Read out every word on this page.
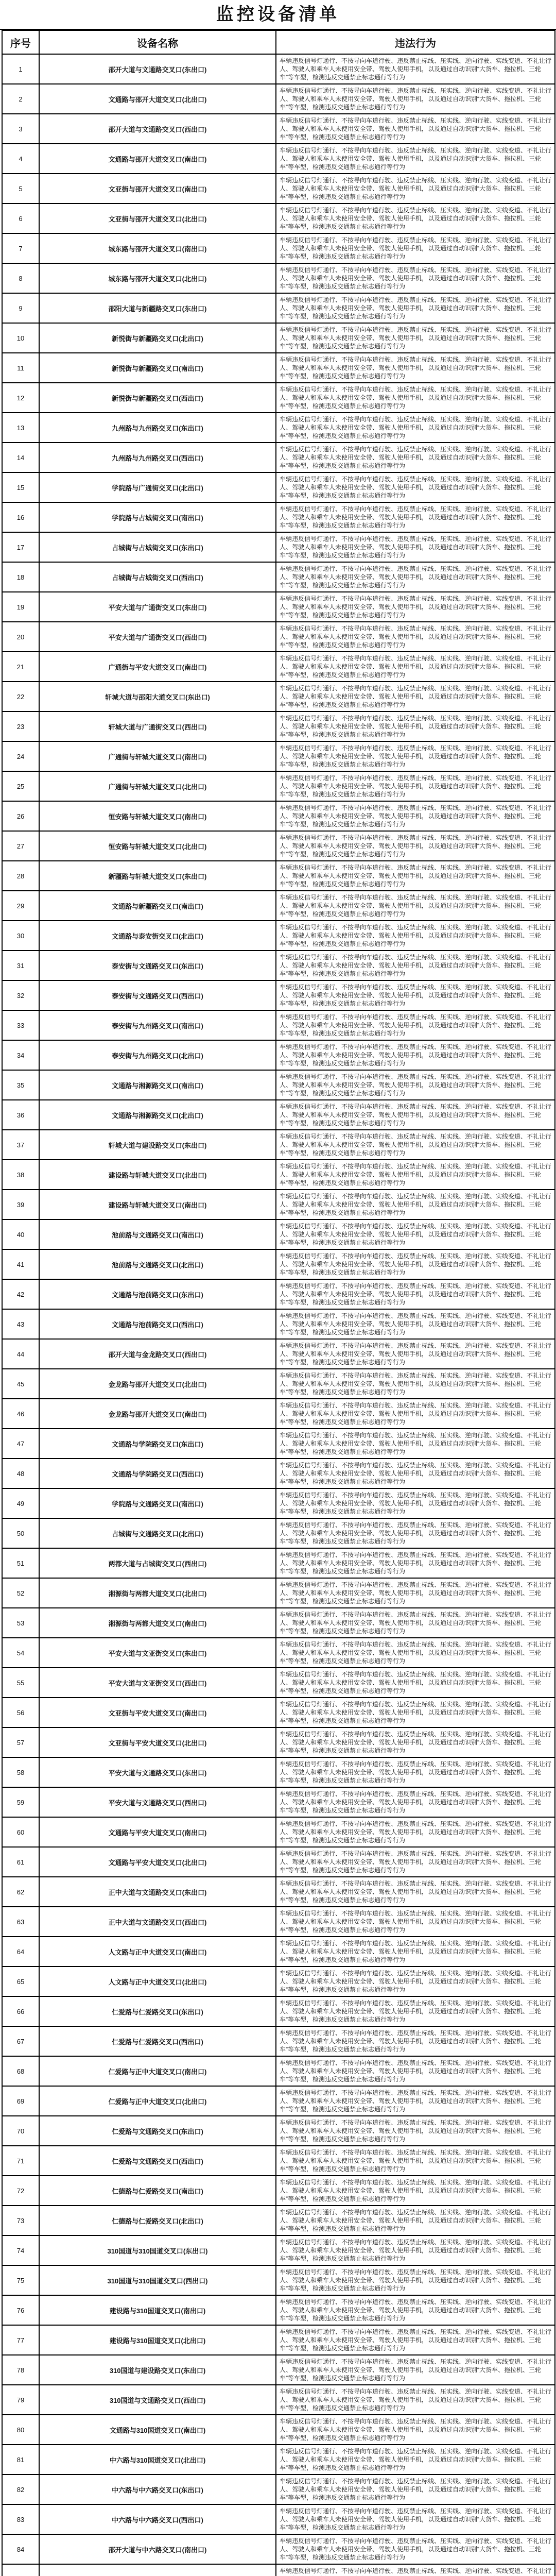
监控设备清单
序号	设备名称	违法行为
1	邵开大道与文通路交叉口(东出口)	车辆违反信号灯通行、不按导向车道行驶、违反禁止标线、压实线、逆向行驶、实线变道、不礼让行人、驾驶人和乘车人未使用安全带、驾驶人使用手机，以及通过自动识别“大货车、拖拉机、三轮车”等车型，检测违反交通禁止标志通行等行为
2	文通路与邵开大道交叉口(北出口)	车辆违反信号灯通行、不按导向车道行驶、违反禁止标线、压实线、逆向行驶、实线变道、不礼让行人、驾驶人和乘车人未使用安全带、驾驶人使用手机，以及通过自动识别“大货车、拖拉机、三轮车”等车型，检测违反交通禁止标志通行等行为
3	邵开大道与文通路交叉口(西出口)	车辆违反信号灯通行、不按导向车道行驶、违反禁止标线、压实线、逆向行驶、实线变道、不礼让行人、驾驶人和乘车人未使用安全带、驾驶人使用手机，以及通过自动识别“大货车、拖拉机、三轮车”等车型，检测违反交通禁止标志通行等行为
4	文通路与邵开大道交叉口(南出口)	车辆违反信号灯通行、不按导向车道行驶、违反禁止标线、压实线、逆向行驶、实线变道、不礼让行人、驾驶人和乘车人未使用安全带、驾驶人使用手机，以及通过自动识别“大货车、拖拉机、三轮车”等车型，检测违反交通禁止标志通行等行为
5	文亚街与邵开大道交叉口(南出口)	车辆违反信号灯通行、不按导向车道行驶、违反禁止标线、压实线、逆向行驶、实线变道、不礼让行人、驾驶人和乘车人未使用安全带、驾驶人使用手机，以及通过自动识别“大货车、拖拉机、三轮车”等车型，检测违反交通禁止标志通行等行为
6	文亚街与邵开大道交叉口(北出口)	车辆违反信号灯通行、不按导向车道行驶、违反禁止标线、压实线、逆向行驶、实线变道、不礼让行人、驾驶人和乘车人未使用安全带、驾驶人使用手机，以及通过自动识别“大货车、拖拉机、三轮车”等车型，检测违反交通禁止标志通行等行为
7	城东路与邵开大道交叉口(南出口)	车辆违反信号灯通行、不按导向车道行驶、违反禁止标线、压实线、逆向行驶、实线变道、不礼让行人、驾驶人和乘车人未使用安全带、驾驶人使用手机，以及通过自动识别“大货车、拖拉机、三轮车”等车型，检测违反交通禁止标志通行等行为
8	城东路与邵开大道交叉口(北出口)	车辆违反信号灯通行、不按导向车道行驶、违反禁止标线、压实线、逆向行驶、实线变道、不礼让行人、驾驶人和乘车人未使用安全带、驾驶人使用手机，以及通过自动识别“大货车、拖拉机、三轮车”等车型，检测违反交通禁止标志通行等行为
9	邵阳大道与新疆路交叉口(东出口)	车辆违反信号灯通行、不按导向车道行驶、违反禁止标线、压实线、逆向行驶、实线变道、不礼让行人、驾驶人和乘车人未使用安全带、驾驶人使用手机，以及通过自动识别“大货车、拖拉机、三轮车”等车型，检测违反交通禁止标志通行等行为
10	新悦街与新疆路交叉口(北出口)	车辆违反信号灯通行、不按导向车道行驶、违反禁止标线、压实线、逆向行驶、实线变道、不礼让行人、驾驶人和乘车人未使用安全带、驾驶人使用手机，以及通过自动识别“大货车、拖拉机、三轮车”等车型，检测违反交通禁止标志通行等行为
11	新悦街与新疆路交叉口(南出口)	车辆违反信号灯通行、不按导向车道行驶、违反禁止标线、压实线、逆向行驶、实线变道、不礼让行人、驾驶人和乘车人未使用安全带、驾驶人使用手机，以及通过自动识别“大货车、拖拉机、三轮车”等车型，检测违反交通禁止标志通行等行为
12	新悦街与新疆路交叉口(西出口)	车辆违反信号灯通行、不按导向车道行驶、违反禁止标线、压实线、逆向行驶、实线变道、不礼让行人、驾驶人和乘车人未使用安全带、驾驶人使用手机，以及通过自动识别“大货车、拖拉机、三轮车”等车型，检测违反交通禁止标志通行等行为
13	九州路与九州路交叉口(东出口)	车辆违反信号灯通行、不按导向车道行驶、违反禁止标线、压实线、逆向行驶、实线变道、不礼让行人、驾驶人和乘车人未使用安全带、驾驶人使用手机，以及通过自动识别“大货车、拖拉机、三轮车”等车型，检测违反交通禁止标志通行等行为
14	九州路与九州路交叉口(西出口)	车辆违反信号灯通行、不按导向车道行驶、违反禁止标线、压实线、逆向行驶、实线变道、不礼让行人、驾驶人和乘车人未使用安全带、驾驶人使用手机，以及通过自动识别“大货车、拖拉机、三轮车”等车型，检测违反交通禁止标志通行等行为
15	学院路与广通街交叉口(北出口)	车辆违反信号灯通行、不按导向车道行驶、违反禁止标线、压实线、逆向行驶、实线变道、不礼让行人、驾驶人和乘车人未使用安全带、驾驶人使用手机，以及通过自动识别“大货车、拖拉机、三轮车”等车型，检测违反交通禁止标志通行等行为
16	学院路与占城街交叉口(南出口)	车辆违反信号灯通行、不按导向车道行驶、违反禁止标线、压实线、逆向行驶、实线变道、不礼让行人、驾驶人和乘车人未使用安全带、驾驶人使用手机，以及通过自动识别“大货车、拖拉机、三轮车”等车型，检测违反交通禁止标志通行等行为
17	占城街与占城街交叉口(东出口)	车辆违反信号灯通行、不按导向车道行驶、违反禁止标线、压实线、逆向行驶、实线变道、不礼让行人、驾驶人和乘车人未使用安全带、驾驶人使用手机，以及通过自动识别“大货车、拖拉机、三轮车”等车型，检测违反交通禁止标志通行等行为
18	占城街与占城街交叉口(西出口)	车辆违反信号灯通行、不按导向车道行驶、违反禁止标线、压实线、逆向行驶、实线变道、不礼让行人、驾驶人和乘车人未使用安全带、驾驶人使用手机，以及通过自动识别“大货车、拖拉机、三轮车”等车型，检测违反交通禁止标志通行等行为
19	平安大道与广通街交叉口(东出口)	车辆违反信号灯通行、不按导向车道行驶、违反禁止标线、压实线、逆向行驶、实线变道、不礼让行人、驾驶人和乘车人未使用安全带、驾驶人使用手机，以及通过自动识别“大货车、拖拉机、三轮车”等车型，检测违反交通禁止标志通行等行为
20	平安大道与广通街交叉口(西出口)	车辆违反信号灯通行、不按导向车道行驶、违反禁止标线、压实线、逆向行驶、实线变道、不礼让行人、驾驶人和乘车人未使用安全带、驾驶人使用手机，以及通过自动识别“大货车、拖拉机、三轮车”等车型，检测违反交通禁止标志通行等行为
21	广通街与平安大道交叉口(南出口)	车辆违反信号灯通行、不按导向车道行驶、违反禁止标线、压实线、逆向行驶、实线变道、不礼让行人、驾驶人和乘车人未使用安全带、驾驶人使用手机，以及通过自动识别“大货车、拖拉机、三轮车”等车型，检测违反交通禁止标志通行等行为
22	轩城大道与邵阳大道交叉口(东出口)	车辆违反信号灯通行、不按导向车道行驶、违反禁止标线、压实线、逆向行驶、实线变道、不礼让行人、驾驶人和乘车人未使用安全带、驾驶人使用手机，以及通过自动识别“大货车、拖拉机、三轮车”等车型，检测违反交通禁止标志通行等行为
23	轩城大道与广通街交叉口(西出口)	车辆违反信号灯通行、不按导向车道行驶、违反禁止标线、压实线、逆向行驶、实线变道、不礼让行人、驾驶人和乘车人未使用安全带、驾驶人使用手机，以及通过自动识别“大货车、拖拉机、三轮车”等车型，检测违反交通禁止标志通行等行为
24	广通街与轩城大道交叉口(南出口)	车辆违反信号灯通行、不按导向车道行驶、违反禁止标线、压实线、逆向行驶、实线变道、不礼让行人、驾驶人和乘车人未使用安全带、驾驶人使用手机，以及通过自动识别“大货车、拖拉机、三轮车”等车型，检测违反交通禁止标志通行等行为
25	广通街与轩城大道交叉口(北出口)	车辆违反信号灯通行、不按导向车道行驶、违反禁止标线、压实线、逆向行驶、实线变道、不礼让行人、驾驶人和乘车人未使用安全带、驾驶人使用手机，以及通过自动识别“大货车、拖拉机、三轮车”等车型，检测违反交通禁止标志通行等行为
26	恒安路与轩城大道交叉口(南出口)	车辆违反信号灯通行、不按导向车道行驶、违反禁止标线、压实线、逆向行驶、实线变道、不礼让行人、驾驶人和乘车人未使用安全带、驾驶人使用手机，以及通过自动识别“大货车、拖拉机、三轮车”等车型，检测违反交通禁止标志通行等行为
27	恒安路与轩城大道交叉口(北出口)	车辆违反信号灯通行、不按导向车道行驶、违反禁止标线、压实线、逆向行驶、实线变道、不礼让行人、驾驶人和乘车人未使用安全带、驾驶人使用手机，以及通过自动识别“大货车、拖拉机、三轮车”等车型，检测违反交通禁止标志通行等行为
28	新疆路与轩城大道交叉口(东出口)	车辆违反信号灯通行、不按导向车道行驶、违反禁止标线、压实线、逆向行驶、实线变道、不礼让行人、驾驶人和乘车人未使用安全带、驾驶人使用手机，以及通过自动识别“大货车、拖拉机、三轮车”等车型，检测违反交通禁止标志通行等行为
29	文通路与新疆路交叉口(南出口)	车辆违反信号灯通行、不按导向车道行驶、违反禁止标线、压实线、逆向行驶、实线变道、不礼让行人、驾驶人和乘车人未使用安全带、驾驶人使用手机，以及通过自动识别“大货车、拖拉机、三轮车”等车型，检测违反交通禁止标志通行等行为
30	文通路与泰安街交叉口(北出口)	车辆违反信号灯通行、不按导向车道行驶、违反禁止标线、压实线、逆向行驶、实线变道、不礼让行人、驾驶人和乘车人未使用安全带、驾驶人使用手机，以及通过自动识别“大货车、拖拉机、三轮车”等车型，检测违反交通禁止标志通行等行为
31	泰安街与文通路交叉口(东出口)	车辆违反信号灯通行、不按导向车道行驶、违反禁止标线、压实线、逆向行驶、实线变道、不礼让行人、驾驶人和乘车人未使用安全带、驾驶人使用手机，以及通过自动识别“大货车、拖拉机、三轮车”等车型，检测违反交通禁止标志通行等行为
32	泰安街与文通路交叉口(西出口)	车辆违反信号灯通行、不按导向车道行驶、违反禁止标线、压实线、逆向行驶、实线变道、不礼让行人、驾驶人和乘车人未使用安全带、驾驶人使用手机，以及通过自动识别“大货车、拖拉机、三轮车”等车型，检测违反交通禁止标志通行等行为
33	泰安街与九州路交叉口(南出口)	车辆违反信号灯通行、不按导向车道行驶、违反禁止标线、压实线、逆向行驶、实线变道、不礼让行人、驾驶人和乘车人未使用安全带、驾驶人使用手机，以及通过自动识别“大货车、拖拉机、三轮车”等车型，检测违反交通禁止标志通行等行为
34	泰安街与九州路交叉口(北出口)	车辆违反信号灯通行、不按导向车道行驶、违反禁止标线、压实线、逆向行驶、实线变道、不礼让行人、驾驶人和乘车人未使用安全带、驾驶人使用手机，以及通过自动识别“大货车、拖拉机、三轮车”等车型，检测违反交通禁止标志通行等行为
35	文通路与湘源路交叉口(南出口)	车辆违反信号灯通行、不按导向车道行驶、违反禁止标线、压实线、逆向行驶、实线变道、不礼让行人、驾驶人和乘车人未使用安全带、驾驶人使用手机，以及通过自动识别“大货车、拖拉机、三轮车”等车型，检测违反交通禁止标志通行等行为
36	文通路与湘源路交叉口(北出口)	车辆违反信号灯通行、不按导向车道行驶、违反禁止标线、压实线、逆向行驶、实线变道、不礼让行人、驾驶人和乘车人未使用安全带、驾驶人使用手机，以及通过自动识别“大货车、拖拉机、三轮车”等车型，检测违反交通禁止标志通行等行为
37	轩城大道与建设路交叉口(东出口)	车辆违反信号灯通行、不按导向车道行驶、违反禁止标线、压实线、逆向行驶、实线变道、不礼让行人、驾驶人和乘车人未使用安全带、驾驶人使用手机，以及通过自动识别“大货车、拖拉机、三轮车”等车型，检测违反交通禁止标志通行等行为
38	建设路与轩城大道交叉口(北出口)	车辆违反信号灯通行、不按导向车道行驶、违反禁止标线、压实线、逆向行驶、实线变道、不礼让行人、驾驶人和乘车人未使用安全带、驾驶人使用手机，以及通过自动识别“大货车、拖拉机、三轮车”等车型，检测违反交通禁止标志通行等行为
39	建设路与轩城大道交叉口(南出口)	车辆违反信号灯通行、不按导向车道行驶、违反禁止标线、压实线、逆向行驶、实线变道、不礼让行人、驾驶人和乘车人未使用安全带、驾驶人使用手机，以及通过自动识别“大货车、拖拉机、三轮车”等车型，检测违反交通禁止标志通行等行为
40	池前路与文通路交叉口(南出口)	车辆违反信号灯通行、不按导向车道行驶、违反禁止标线、压实线、逆向行驶、实线变道、不礼让行人、驾驶人和乘车人未使用安全带、驾驶人使用手机，以及通过自动识别“大货车、拖拉机、三轮车”等车型，检测违反交通禁止标志通行等行为
41	池前路与文通路交叉口(北出口)	车辆违反信号灯通行、不按导向车道行驶、违反禁止标线、压实线、逆向行驶、实线变道、不礼让行人、驾驶人和乘车人未使用安全带、驾驶人使用手机，以及通过自动识别“大货车、拖拉机、三轮车”等车型，检测违反交通禁止标志通行等行为
42	文通路与池前路交叉口(东出口)	车辆违反信号灯通行、不按导向车道行驶、违反禁止标线、压实线、逆向行驶、实线变道、不礼让行人、驾驶人和乘车人未使用安全带、驾驶人使用手机，以及通过自动识别“大货车、拖拉机、三轮车”等车型，检测违反交通禁止标志通行等行为
43	文通路与池前路交叉口(西出口)	车辆违反信号灯通行、不按导向车道行驶、违反禁止标线、压实线、逆向行驶、实线变道、不礼让行人、驾驶人和乘车人未使用安全带、驾驶人使用手机，以及通过自动识别“大货车、拖拉机、三轮车”等车型，检测违反交通禁止标志通行等行为
44	邵开大道与金龙路交叉口(西出口)	车辆违反信号灯通行、不按导向车道行驶、违反禁止标线、压实线、逆向行驶、实线变道、不礼让行人、驾驶人和乘车人未使用安全带、驾驶人使用手机，以及通过自动识别“大货车、拖拉机、三轮车”等车型，检测违反交通禁止标志通行等行为
45	金龙路与邵开大道交叉口(北出口)	车辆违反信号灯通行、不按导向车道行驶、违反禁止标线、压实线、逆向行驶、实线变道、不礼让行人、驾驶人和乘车人未使用安全带、驾驶人使用手机，以及通过自动识别“大货车、拖拉机、三轮车”等车型，检测违反交通禁止标志通行等行为
46	金龙路与邵开大道交叉口(南出口)	车辆违反信号灯通行、不按导向车道行驶、违反禁止标线、压实线、逆向行驶、实线变道、不礼让行人、驾驶人和乘车人未使用安全带、驾驶人使用手机，以及通过自动识别“大货车、拖拉机、三轮车”等车型，检测违反交通禁止标志通行等行为
47	文通路与学院路交叉口(东出口)	车辆违反信号灯通行、不按导向车道行驶、违反禁止标线、压实线、逆向行驶、实线变道、不礼让行人、驾驶人和乘车人未使用安全带、驾驶人使用手机，以及通过自动识别“大货车、拖拉机、三轮车”等车型，检测违反交通禁止标志通行等行为
48	文通路与学院路交叉口(西出口)	车辆违反信号灯通行、不按导向车道行驶、违反禁止标线、压实线、逆向行驶、实线变道、不礼让行人、驾驶人和乘车人未使用安全带、驾驶人使用手机，以及通过自动识别“大货车、拖拉机、三轮车”等车型，检测违反交通禁止标志通行等行为
49	学院路与文通路交叉口(南出口)	车辆违反信号灯通行、不按导向车道行驶、违反禁止标线、压实线、逆向行驶、实线变道、不礼让行人、驾驶人和乘车人未使用安全带、驾驶人使用手机，以及通过自动识别“大货车、拖拉机、三轮车”等车型，检测违反交通禁止标志通行等行为
50	占城街与文通路交叉口(北出口)	车辆违反信号灯通行、不按导向车道行驶、违反禁止标线、压实线、逆向行驶、实线变道、不礼让行人、驾驶人和乘车人未使用安全带、驾驶人使用手机，以及通过自动识别“大货车、拖拉机、三轮车”等车型，检测违反交通禁止标志通行等行为
51	两都大道与占城街交叉口(西出口)	车辆违反信号灯通行、不按导向车道行驶、违反禁止标线、压实线、逆向行驶、实线变道、不礼让行人、驾驶人和乘车人未使用安全带、驾驶人使用手机，以及通过自动识别“大货车、拖拉机、三轮车”等车型，检测违反交通禁止标志通行等行为
52	湘源街与两都大道交叉口(北出口)	车辆违反信号灯通行、不按导向车道行驶、违反禁止标线、压实线、逆向行驶、实线变道、不礼让行人、驾驶人和乘车人未使用安全带、驾驶人使用手机，以及通过自动识别“大货车、拖拉机、三轮车”等车型，检测违反交通禁止标志通行等行为
53	湘源街与两都大道交叉口(南出口)	车辆违反信号灯通行、不按导向车道行驶、违反禁止标线、压实线、逆向行驶、实线变道、不礼让行人、驾驶人和乘车人未使用安全带、驾驶人使用手机，以及通过自动识别“大货车、拖拉机、三轮车”等车型，检测违反交通禁止标志通行等行为
54	平安大道与文亚街交叉口(东出口)	车辆违反信号灯通行、不按导向车道行驶、违反禁止标线、压实线、逆向行驶、实线变道、不礼让行人、驾驶人和乘车人未使用安全带、驾驶人使用手机，以及通过自动识别“大货车、拖拉机、三轮车”等车型，检测违反交通禁止标志通行等行为
55	平安大道与文亚街交叉口(西出口)	车辆违反信号灯通行、不按导向车道行驶、违反禁止标线、压实线、逆向行驶、实线变道、不礼让行人、驾驶人和乘车人未使用安全带、驾驶人使用手机，以及通过自动识别“大货车、拖拉机、三轮车”等车型，检测违反交通禁止标志通行等行为
56	文亚街与平安大道交叉口(南出口)	车辆违反信号灯通行、不按导向车道行驶、违反禁止标线、压实线、逆向行驶、实线变道、不礼让行人、驾驶人和乘车人未使用安全带、驾驶人使用手机，以及通过自动识别“大货车、拖拉机、三轮车”等车型，检测违反交通禁止标志通行等行为
57	文亚街与平安大道交叉口(北出口)	车辆违反信号灯通行、不按导向车道行驶、违反禁止标线、压实线、逆向行驶、实线变道、不礼让行人、驾驶人和乘车人未使用安全带、驾驶人使用手机，以及通过自动识别“大货车、拖拉机、三轮车”等车型，检测违反交通禁止标志通行等行为
58	平安大道与文通路交叉口(东出口)	车辆违反信号灯通行、不按导向车道行驶、违反禁止标线、压实线、逆向行驶、实线变道、不礼让行人、驾驶人和乘车人未使用安全带、驾驶人使用手机，以及通过自动识别“大货车、拖拉机、三轮车”等车型，检测违反交通禁止标志通行等行为
59	平安大道与文通路交叉口(西出口)	车辆违反信号灯通行、不按导向车道行驶、违反禁止标线、压实线、逆向行驶、实线变道、不礼让行人、驾驶人和乘车人未使用安全带、驾驶人使用手机，以及通过自动识别“大货车、拖拉机、三轮车”等车型，检测违反交通禁止标志通行等行为
60	文通路与平安大道交叉口(南出口)	车辆违反信号灯通行、不按导向车道行驶、违反禁止标线、压实线、逆向行驶、实线变道、不礼让行人、驾驶人和乘车人未使用安全带、驾驶人使用手机，以及通过自动识别“大货车、拖拉机、三轮车”等车型，检测违反交通禁止标志通行等行为
61	文通路与平安大道交叉口(北出口)	车辆违反信号灯通行、不按导向车道行驶、违反禁止标线、压实线、逆向行驶、实线变道、不礼让行人、驾驶人和乘车人未使用安全带、驾驶人使用手机，以及通过自动识别“大货车、拖拉机、三轮车”等车型，检测违反交通禁止标志通行等行为
62	正中大道与文通路交叉口(东出口)	车辆违反信号灯通行、不按导向车道行驶、违反禁止标线、压实线、逆向行驶、实线变道、不礼让行人、驾驶人和乘车人未使用安全带、驾驶人使用手机，以及通过自动识别“大货车、拖拉机、三轮车”等车型，检测违反交通禁止标志通行等行为
63	正中大道与文通路交叉口(西出口)	车辆违反信号灯通行、不按导向车道行驶、违反禁止标线、压实线、逆向行驶、实线变道、不礼让行人、驾驶人和乘车人未使用安全带、驾驶人使用手机，以及通过自动识别“大货车、拖拉机、三轮车”等车型，检测违反交通禁止标志通行等行为
64	人文路与正中大道交叉口(南出口)	车辆违反信号灯通行、不按导向车道行驶、违反禁止标线、压实线、逆向行驶、实线变道、不礼让行人、驾驶人和乘车人未使用安全带、驾驶人使用手机，以及通过自动识别“大货车、拖拉机、三轮车”等车型，检测违反交通禁止标志通行等行为
65	人文路与正中大道交叉口(北出口)	车辆违反信号灯通行、不按导向车道行驶、违反禁止标线、压实线、逆向行驶、实线变道、不礼让行人、驾驶人和乘车人未使用安全带、驾驶人使用手机，以及通过自动识别“大货车、拖拉机、三轮车”等车型，检测违反交通禁止标志通行等行为
66	仁爱路与仁爱路交叉口(东出口)	车辆违反信号灯通行、不按导向车道行驶、违反禁止标线、压实线、逆向行驶、实线变道、不礼让行人、驾驶人和乘车人未使用安全带、驾驶人使用手机，以及通过自动识别“大货车、拖拉机、三轮车”等车型，检测违反交通禁止标志通行等行为
67	仁爱路与仁爱路交叉口(西出口)	车辆违反信号灯通行、不按导向车道行驶、违反禁止标线、压实线、逆向行驶、实线变道、不礼让行人、驾驶人和乘车人未使用安全带、驾驶人使用手机，以及通过自动识别“大货车、拖拉机、三轮车”等车型，检测违反交通禁止标志通行等行为
68	仁爱路与正中大道交叉口(南出口)	车辆违反信号灯通行、不按导向车道行驶、违反禁止标线、压实线、逆向行驶、实线变道、不礼让行人、驾驶人和乘车人未使用安全带、驾驶人使用手机，以及通过自动识别“大货车、拖拉机、三轮车”等车型，检测违反交通禁止标志通行等行为
69	仁爱路与正中大道交叉口(北出口)	车辆违反信号灯通行、不按导向车道行驶、违反禁止标线、压实线、逆向行驶、实线变道、不礼让行人、驾驶人和乘车人未使用安全带、驾驶人使用手机，以及通过自动识别“大货车、拖拉机、三轮车”等车型，检测违反交通禁止标志通行等行为
70	仁爱路与文通路交叉口(东出口)	车辆违反信号灯通行、不按导向车道行驶、违反禁止标线、压实线、逆向行驶、实线变道、不礼让行人、驾驶人和乘车人未使用安全带、驾驶人使用手机，以及通过自动识别“大货车、拖拉机、三轮车”等车型，检测违反交通禁止标志通行等行为
71	仁爱路与文通路交叉口(西出口)	车辆违反信号灯通行、不按导向车道行驶、违反禁止标线、压实线、逆向行驶、实线变道、不礼让行人、驾驶人和乘车人未使用安全带、驾驶人使用手机，以及通过自动识别“大货车、拖拉机、三轮车”等车型，检测违反交通禁止标志通行等行为
72	仁德路与仁爱路交叉口(南出口)	车辆违反信号灯通行、不按导向车道行驶、违反禁止标线、压实线、逆向行驶、实线变道、不礼让行人、驾驶人和乘车人未使用安全带、驾驶人使用手机，以及通过自动识别“大货车、拖拉机、三轮车”等车型，检测违反交通禁止标志通行等行为
73	仁德路与仁爱路交叉口(北出口)	车辆违反信号灯通行、不按导向车道行驶、违反禁止标线、压实线、逆向行驶、实线变道、不礼让行人、驾驶人和乘车人未使用安全带、驾驶人使用手机，以及通过自动识别“大货车、拖拉机、三轮车”等车型，检测违反交通禁止标志通行等行为
74	310国道与310国道交叉口(东出口)	车辆违反信号灯通行、不按导向车道行驶、违反禁止标线、压实线、逆向行驶、实线变道、不礼让行人、驾驶人和乘车人未使用安全带、驾驶人使用手机，以及通过自动识别“大货车、拖拉机、三轮车”等车型，检测违反交通禁止标志通行等行为
75	310国道与310国道交叉口(西出口)	车辆违反信号灯通行、不按导向车道行驶、违反禁止标线、压实线、逆向行驶、实线变道、不礼让行人、驾驶人和乘车人未使用安全带、驾驶人使用手机，以及通过自动识别“大货车、拖拉机、三轮车”等车型，检测违反交通禁止标志通行等行为
76	建设路与310国道交叉口(南出口)	车辆违反信号灯通行、不按导向车道行驶、违反禁止标线、压实线、逆向行驶、实线变道、不礼让行人、驾驶人和乘车人未使用安全带、驾驶人使用手机，以及通过自动识别“大货车、拖拉机、三轮车”等车型，检测违反交通禁止标志通行等行为
77	建设路与310国道交叉口(北出口)	车辆违反信号灯通行、不按导向车道行驶、违反禁止标线、压实线、逆向行驶、实线变道、不礼让行人、驾驶人和乘车人未使用安全带、驾驶人使用手机，以及通过自动识别“大货车、拖拉机、三轮车”等车型，检测违反交通禁止标志通行等行为
78	310国道与建设路交叉口(东出口)	车辆违反信号灯通行、不按导向车道行驶、违反禁止标线、压实线、逆向行驶、实线变道、不礼让行人、驾驶人和乘车人未使用安全带、驾驶人使用手机，以及通过自动识别“大货车、拖拉机、三轮车”等车型，检测违反交通禁止标志通行等行为
79	310国道与文通路交叉口(西出口)	车辆违反信号灯通行、不按导向车道行驶、违反禁止标线、压实线、逆向行驶、实线变道、不礼让行人、驾驶人和乘车人未使用安全带、驾驶人使用手机，以及通过自动识别“大货车、拖拉机、三轮车”等车型，检测违反交通禁止标志通行等行为
80	文通路与310国道交叉口(南出口)	车辆违反信号灯通行、不按导向车道行驶、违反禁止标线、压实线、逆向行驶、实线变道、不礼让行人、驾驶人和乘车人未使用安全带、驾驶人使用手机，以及通过自动识别“大货车、拖拉机、三轮车”等车型，检测违反交通禁止标志通行等行为
81	中六路与310国道交叉口(北出口)	车辆违反信号灯通行、不按导向车道行驶、违反禁止标线、压实线、逆向行驶、实线变道、不礼让行人、驾驶人和乘车人未使用安全带、驾驶人使用手机，以及通过自动识别“大货车、拖拉机、三轮车”等车型，检测违反交通禁止标志通行等行为
82	中六路与中六路交叉口(东出口)	车辆违反信号灯通行、不按导向车道行驶、违反禁止标线、压实线、逆向行驶、实线变道、不礼让行人、驾驶人和乘车人未使用安全带、驾驶人使用手机，以及通过自动识别“大货车、拖拉机、三轮车”等车型，检测违反交通禁止标志通行等行为
83	中六路与中六路交叉口(西出口)	车辆违反信号灯通行、不按导向车道行驶、违反禁止标线、压实线、逆向行驶、实线变道、不礼让行人、驾驶人和乘车人未使用安全带、驾驶人使用手机，以及通过自动识别“大货车、拖拉机、三轮车”等车型，检测违反交通禁止标志通行等行为
84	邵开大道与中六路交叉口(南出口)	车辆违反信号灯通行、不按导向车道行驶、违反禁止标线、压实线、逆向行驶、实线变道、不礼让行人、驾驶人和乘车人未使用安全带、驾驶人使用手机，以及通过自动识别“大货车、拖拉机、三轮车”等车型，检测违反交通禁止标志通行等行为
		车辆违反信号灯通行、不按导向车道行驶、违反禁止标线、压实线、逆向行驶、实线变道、不礼让行
